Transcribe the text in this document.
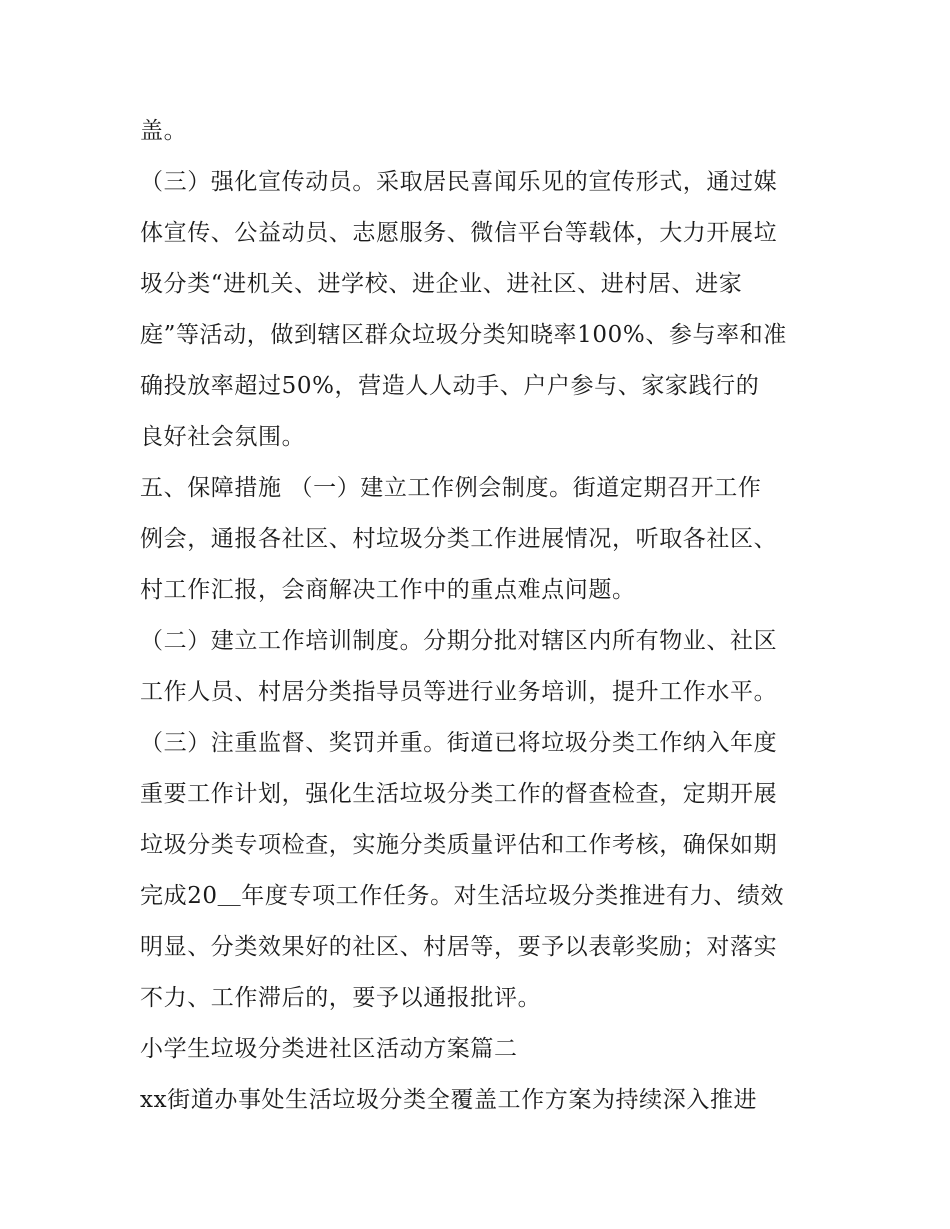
盖。
（三）强化宣传动员。采取居民喜闻乐见的宣传形式，通过媒
体宣传、公益动员、志愿服务、微信平台等载体，大力开展垃
圾分类“进机关、进学校、进企业、进社区、进村居、进家
庭”等活动，做到辖区群众垃圾分类知晓率100%、参与率和准
确投放率超过50%，营造人人动手、户户参与、家家践行的
良好社会氛围。
五、保障措施 （一）建立工作例会制度。街道定期召开工作
例会，通报各社区、村垃圾分类工作进展情况，听取各社区、
村工作汇报，会商解决工作中的重点难点问题。
（二）建立工作培训制度。分期分批对辖区内所有物业、社区
工作人员、村居分类指导员等进行业务培训，提升工作水平。
（三）注重监督、奖罚并重。街道已将垃圾分类工作纳入年度
重要工作计划，强化生活垃圾分类工作的督查检查，定期开展
垃圾分类专项检查，实施分类质量评估和工作考核，确保如期
完成20＿年度专项工作任务。对生活垃圾分类推进有力、绩效
明显、分类效果好的社区、村居等，要予以表彰奖励；对落实
不力、工作滞后的，要予以通报批评。
小学生垃圾分类进社区活动方案篇二
xx街道办事处生活垃圾分类全覆盖工作方案为持续深入推进
